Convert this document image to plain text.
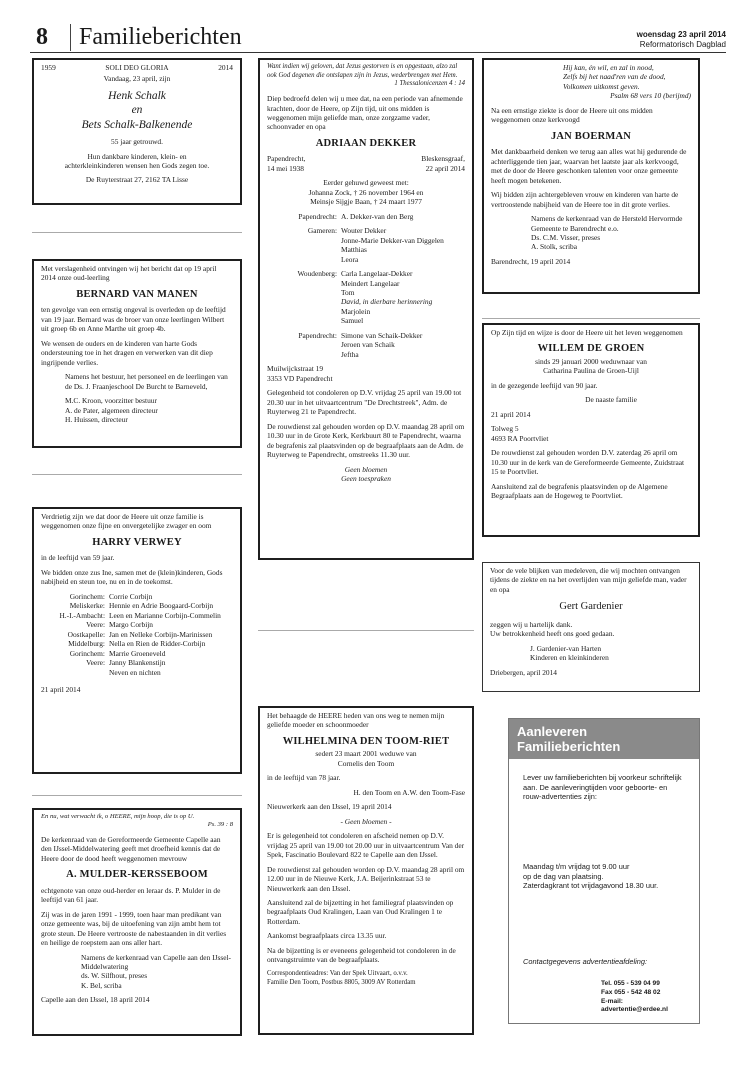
8	Familieberichten	woensdag 23 april 2014
Reformatorisch Dagblad
1959	SOLI DEO GLORIA	2014

Vandaag, 23 april, zijn

Henk Schalk
en
Bets Schalk-Balkenende

55 jaar getrouwd.

Hun dankbare kinderen, klein- en achterkleinkinderen wensen hen Gods zegen toe.

De Ruyterstraat 27, 2162 TA Lisse

Met verslagenheid ontvingen wij het bericht dat op 19 april 2014 onze oud-leerling

BERNARD VAN MANEN

ten gevolge van een ernstig ongeval is overleden op de leeftijd van 19 jaar. Bernard was de broer van onze leerlingen Wilbert uit groep 6b en Anne Marthe uit groep 4b.

We wensen de ouders en de kinderen van harte Gods ondersteuning toe in het dragen en verwerken van dit diep ingrijpende verlies.

Namens het bestuur, het personeel en de leerlingen van de Ds. J. Fraanjeschool De Burcht te Barneveld,

M.C. Kroon, voorzitter bestuur
A. de Pater, algemeen directeur
H. Huissen, directeur

Verdrietig zijn we dat door de Heere uit onze familie is weggenomen onze fijne en onvergetelijke zwager en oom

HARRY VERWEY

in de leeftijd van 59 jaar.

We bidden onze zus Ine, samen met de (klein)kinderen, Gods nabijheid en steun toe, nu en in de toekomst.

Gorinchem: Corrie Corbijn
Meliskerke: Hennie en Adrie Boogaard-Corbijn
H.-I.-Ambacht: Leen en Marianne Corbijn-Commelin
Veere: Margo Corbijn
Oostkapelle: Jan en Nelleke Corbijn-Marinissen
Middelburg: Nella en Rien de Ridder-Corbijn
Gorinchem: Marrie Groeneveld
Veere: Janny Blankenstijn
Neven en nichten
21 april 2014
En nu, wat verwacht ik, o HEERE, mijn hoop, die is op U.

Ps. 39 : 8

De kerkenraad van de Gereformeerde Gemeente Capelle aan den IJssel-Middelwatering geeft met droefheid kennis dat de Heere door de dood heeft weggenomen mevrouw

A. MULDER-KERSSEBOOM

echtgenote van onze oud-herder en leraar ds. P. Mulder in de leeftijd van 61 jaar.

Zij was in de jaren 1991 - 1999, toen haar man predikant van onze gemeente was, bij de uitoefening van zijn ambt hem tot grote steun. De Heere vertrooste de nabestaanden in dit verlies en heilige de roepstem aan ons aller hart.

Namens de kerkenraad van Capelle aan den IJssel-Middelwatering
ds. W. Silfhout, preses

K. Bel, scriba

Capelle aan den IJssel, 18 april 2014
Want indien wij geloven, dat Jezus gestorven is en opgestaan, alzo zal ook God degenen die ontslapen zijn in Jezus, wederbrengen met Hem.

1 Thessalonicenzen 4 : 14

Diep bedroefd delen wij u mee dat, na een periode van afnemende krachten, door de Heere, op Zijn tijd, uit ons midden is weggenomen mijn geliefde man, onze zorgzame vader, schoonvader en opa

ADRIAAN DEKKER
Papendrecht,
14 mei 1938
Bleskensgraaf,
22 april 2014
Eerder gehuwd geweest met:
Johanna Zock, † 26 november 1964 en

Meinsje Sijgje Baan, † 24 maart 1977

Papendrecht: A. Dekker-van den Berg
Gameren: Wouter Dekker
Jonne-Marie Dekker-van Diggelen
Matthias
Leora
Woudenberg: Carla Langelaar-Dekker
Meindert Langelaar
Tom
David, in dierbare herinnering
Marjolein
Samuel
Papendrecht: Simone van Schaik-Dekker
Jeroen van Schaik
Jeftha
Muilwijckstraat 19

3353 VD Papendrecht

Gelegenheid tot condoleren op D.V. vrijdag 25 april van 19.00 tot 20.30 uur in het uitvaartcentrum "De Drechtstreek", Adm. de Ruyterweg 21 te Papendrecht.

De rouwdienst zal gehouden worden op D.V. maandag 28 april om 10.30 uur in de Grote Kerk, Kerkbuurt 80 te Papendrecht, waarna de begrafenis zal plaatsvinden op de begraafplaats aan de Adm. de Ruyterweg te Papendrecht, omstreeks 11.30 uur.

Geen bloemen
Geen toespraken

Het behaagde de HEERE heden van ons weg te nemen mijn geliefde moeder en schoonmoeder

WILHELMINA DEN TOOM-RIET
sedert 23 maart 2001 weduwe van

Cornelis den Toom

in de leeftijd van 78 jaar.

H. den Toom en A.W. den Toom-Fase

Nieuwerkerk aan den IJssel, 19 april 2014

- Geen bloemen -

Er is gelegenheid tot condoleren en afscheid nemen op D.V. vrijdag 25 april van 19.00 tot 20.00 uur in uitvaartcentrum Van der Spek, Fascinatio Boulevard 822 te Capelle aan den IJssel.

De rouwdienst zal gehouden worden op D.V. maandag 28 april om 12.00 uur in de Nieuwe Kerk, J.A. Beijerinkstraat 53 te Nieuwerkerk aan den IJssel.

Aansluitend zal de bijzetting in het familiegraf plaatsvinden op begraafplaats Oud Kralingen, Laan van Oud Kralingen 1 te Rotterdam.

Aankomst begraafplaats circa 13.35 uur.

Na de bijzetting is er eveneens gelegenheid tot condoleren in de ontvangstruimte van de begraafplaats.

Correspondentieadres: Van der Spek Uitvaart, o.v.v.
Familie Den Toom, Postbus 8805, 3009 AV Rotterdam
Hij kan, én wil, en zal in nood,
Zelfs bij het naad'ren van de dood,
Volkomen uitkomst geven.

Psalm 68 vers 10 (berijmd)

Na een ernstige ziekte is door de Heere uit ons midden weggenomen onze kerkvoogd

JAN BOERMAN

Met dankbaarheid denken we terug aan alles wat hij gedurende de achterliggende tien jaar, waarvan het laatste jaar als kerkvoogd, met de door de Heere geschonken talenten voor onze gemeente heeft mogen betekenen.

Wij bidden zijn achtergebleven vrouw en kinderen van harte de vertroostende nabijheid van de Heere toe in dit grote verlies.

Namens de kerkenraad van de Hersteld Hervormde Gemeente te Barendrecht e.o.
Ds. C.M. Visser, preses

A. Stolk, scriba

Barendrecht, 19 april 2014

Op Zijn tijd en wijze is door de Heere uit het leven weggenomen

WILLEM DE GROEN
sinds 29 januari 2000 weduwnaar van

Catharina Paulina de Groen-Uijl

in de gezegende leeftijd van 90 jaar.

De naaste familie

21 april 2014

Tolweg 5

4693 RA Poortvliet

De rouwdienst zal gehouden worden D.V. zaterdag 26 april om 10.30 uur in de kerk van de Gereformeerde Gemeente, Zuidstraat 15 te Poortvliet.

Aansluitend zal de begrafenis plaatsvinden op de Algemene Begraafplaats aan de Hogeweg te Poortvliet.

Voor de vele blijken van medeleven, die wij mochten ontvangen tijdens de ziekte en na het overlijden van mijn geliefde man, vader en opa

Gert Gardenier
zeggen wij u hartelijk dank.

Uw betrokkenheid heeft ons goed gedaan.

J. Gardenier-van Harten

Kinderen en kleinkinderen

Driebergen, april 2014
Aanleveren Familieberichten

Lever uw familieberichten bij voorkeur schriftelijk aan. De aanleveringtijden voor geboorte- en rouw-advertenties zijn:

Maandag t/m vrijdag tot 9.00 uur
op de dag van plaatsing.
Zaterdagkrant tot vrijdagavond 18.30 uur.
Contactgegevens advertentieafdeling:
Tel. 055 - 539 04 99
Fax 055 - 542 48 02
E-mail: advertentie@erdee.nl
